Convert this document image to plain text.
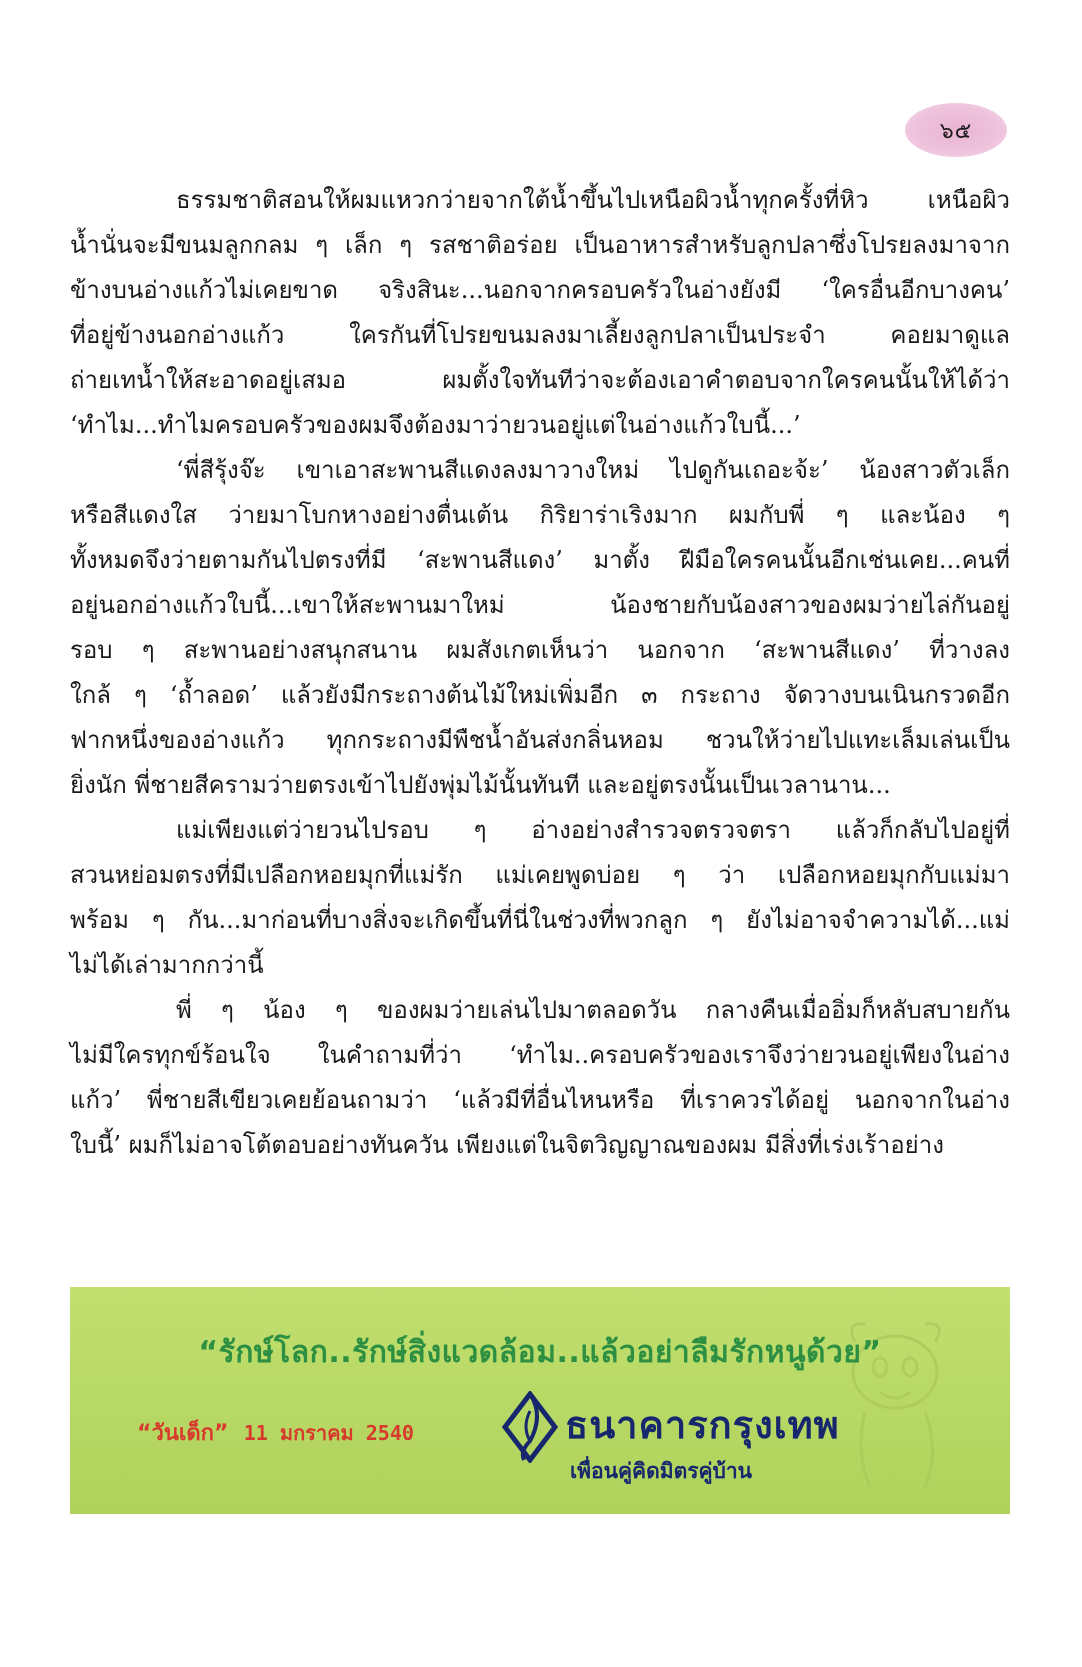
๖๕

ธรรมชาติสอนให้ผมแหวกว่ายจากใต้น้ำขึ้นไปเหนือผิวน้ำทุกครั้งที่หิว เหนือผิว

น้ำนั่นจะมีขนมลูกกลม ๆ เล็ก ๆ รสชาติอร่อย เป็นอาหารสำหรับลูกปลาซึ่งโปรยลงมาจาก

ข้างบนอ่างแก้วไม่เคยขาด จริงสินะ...นอกจากครอบครัวในอ่างยังมี ‘ใครอื่นอีกบางคน’

ที่อยู่ข้างนอกอ่างแก้ว ใครกันที่โปรยขนมลงมาเลี้ยงลูกปลาเป็นประจำ คอยมาดูแล

ถ่ายเทน้ำให้สะอาดอยู่เสมอ ผมตั้งใจทันทีว่าจะต้องเอาคำตอบจากใครคนนั้นให้ได้ว่า

‘ทำไม...ทำไมครอบครัวของผมจึงต้องมาว่ายวนอยู่แต่ในอ่างแก้วใบนี้...’

‘พี่สีรุ้งจ๊ะ เขาเอาสะพานสีแดงลงมาวางใหม่ ไปดูกันเถอะจ้ะ’ น้องสาวตัวเล็ก

หรือสีแดงใส ว่ายมาโบกหางอย่างตื่นเต้น กิริยาร่าเริงมาก ผมกับพี่ ๆ และน้อง ๆ

ทั้งหมดจึงว่ายตามกันไปตรงที่มี ‘สะพานสีแดง’ มาตั้ง ฝีมือใครคนนั้นอีกเช่นเคย...คนที่

อยู่นอกอ่างแก้วใบนี้...เขาให้สะพานมาใหม่ น้องชายกับน้องสาวของผมว่ายไล่กันอยู่

รอบ ๆ สะพานอย่างสนุกสนาน ผมสังเกตเห็นว่า นอกจาก ‘สะพานสีแดง’ ที่วางลง

ใกล้ ๆ ‘ถ้ำลอด’ แล้วยังมีกระถางต้นไม้ใหม่เพิ่มอีก ๓ กระถาง จัดวางบนเนินกรวดอีก

ฟากหนึ่งของอ่างแก้ว ทุกกระถางมีพืชน้ำอันส่งกลิ่นหอม ชวนให้ว่ายไปแทะเล็มเล่นเป็น

ยิ่งนัก พี่ชายสีครามว่ายตรงเข้าไปยังพุ่มไม้นั้นทันที และอยู่ตรงนั้นเป็นเวลานาน...

แม่เพียงแต่ว่ายวนไปรอบ ๆ อ่างอย่างสำรวจตรวจตรา แล้วก็กลับไปอยู่ที่

สวนหย่อมตรงที่มีเปลือกหอยมุกที่แม่รัก แม่เคยพูดบ่อย ๆ ว่า เปลือกหอยมุกกับแม่มา

พร้อม ๆ กัน...มาก่อนที่บางสิ่งจะเกิดขึ้นที่นี่ในช่วงที่พวกลูก ๆ ยังไม่อาจจำความได้...แม่

ไม่ได้เล่ามากกว่านี้

พี่ ๆ น้อง ๆ ของผมว่ายเล่นไปมาตลอดวัน กลางคืนเมื่ออิ่มก็หลับสบายกัน

ไม่มีใครทุกข์ร้อนใจ ในคำถามที่ว่า ‘ทำไม..ครอบครัวของเราจึงว่ายวนอยู่เพียงในอ่าง

แก้ว’ พี่ชายสีเขียวเคยย้อนถามว่า ‘แล้วมีที่อื่นไหนหรือ ที่เราควรได้อยู่ นอกจากในอ่าง

ใบนี้’ ผมก็ไม่อาจโต้ตอบอย่างทันควัน เพียงแต่ในจิตวิญญาณของผม มีสิ่งที่เร่งเร้าอย่าง

“รักษ์โลก..รักษ์สิ่งแวดล้อม..แล้วอย่าลืมรักหนูด้วย”
“วันเด็ก” 11 มกราคม 2540	ธนาคารกรุงเทพ
เพื่อนคู่คิดมิตรคู่บ้าน
